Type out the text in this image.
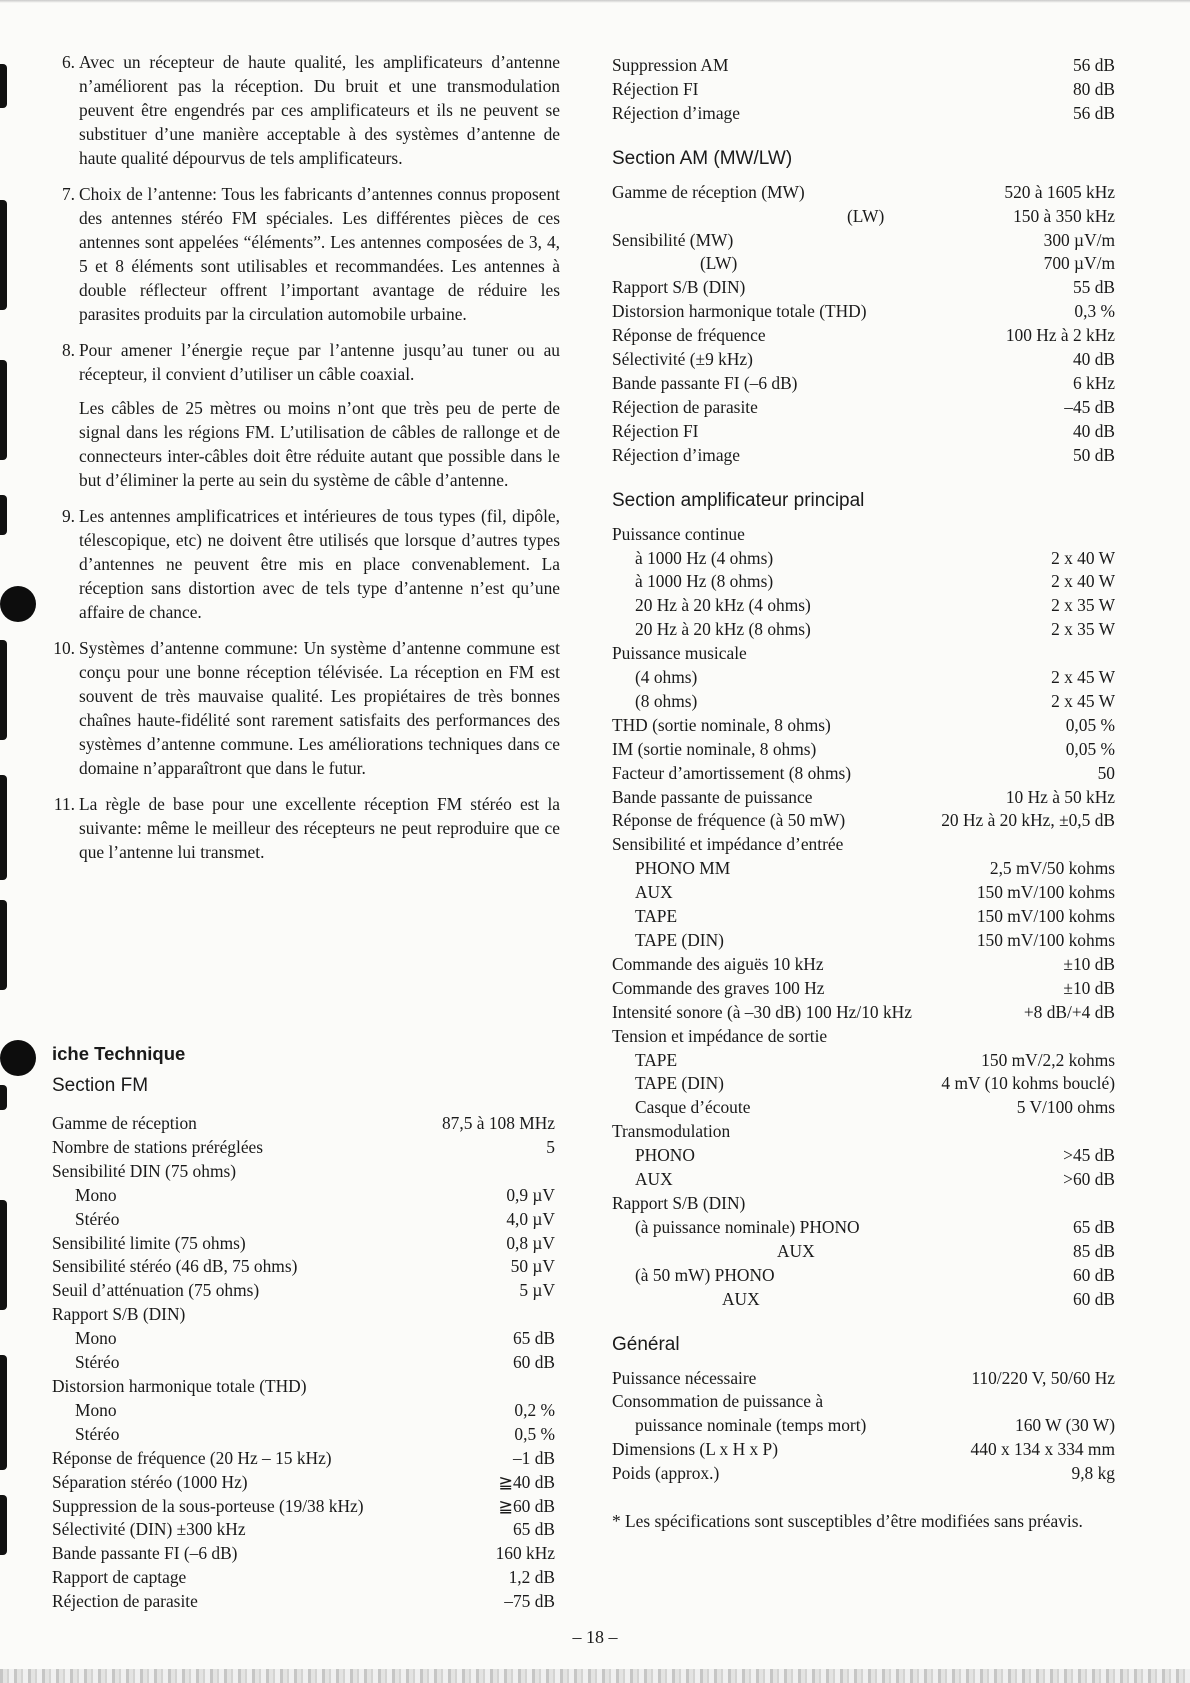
6. Avec un récepteur de haute qualité, les amplificateurs d’antenne n’améliorent pas la réception. Du bruit et une transmodulation peuvent être engendrés par ces amplificateurs et ils ne peuvent se substituer d’une manière acceptable à des systèmes d’antenne de haute qualité dépourvus de tels amplificateurs.

7. Choix de l’antenne: Tous les fabricants d’antennes connus proposent des antennes stéréo FM spéciales. Les différentes pièces de ces antennes sont appelées “éléments”. Les antennes composées de 3, 4, 5 et 8 éléments sont utilisables et recommandées. Les antennes à double réflecteur offrent l’important avantage de réduire les parasites produits par la circulation automobile urbaine.

8. Pour amener l’énergie reçue par l’antenne jusqu’au tuner ou au récepteur, il convient d’utiliser un câble coaxial.

Les câbles de 25 mètres ou moins n’ont que très peu de perte de signal dans les régions FM. L’utilisation de câbles de rallonge et de connecteurs inter-câbles doit être réduite autant que possible dans le but d’éliminer la perte au sein du système de câble d’antenne.

9. Les antennes amplificatrices et intérieures de tous types (fil, dipôle, télescopique, etc) ne doivent être utilisés que lorsque d’autres types d’antennes ne peuvent être mis en place convenablement. La réception sans distortion avec de tels type d’antenne n’est qu’une affaire de chance.

10. Systèmes d’antenne commune: Un système d’antenne commune est conçu pour une bonne réception télévisée. La réception en FM est souvent de très mauvaise qualité. Les propiétaires de très bonnes chaînes haute-fidélité sont rarement satisfaits des performances des systèmes d’antenne commune. Les améliorations techniques dans ce domaine n’apparaîtront que dans le futur.

11. La règle de base pour une excellente réception FM stéréo est la suivante: même le meilleur des récepteurs ne peut reproduire que ce que l’antenne lui transmet.

iche Technique
Section FM
Gamme de réception	87,5 à 108 MHz
Nombre de stations préréglées	5
Sensibilité DIN (75 ohms)	
Mono	0,9 µV
Stéréo	4,0 µV
Sensibilité limite (75 ohms)	0,8 µV
Sensibilité stéréo (46 dB, 75 ohms)	50 µV
Seuil d’atténuation (75 ohms)	5 µV
Rapport S/B (DIN)	
Mono	65 dB
Stéréo	60 dB
Distorsion harmonique totale (THD)	
Mono	0,2 %
Stéréo	0,5 %
Réponse de fréquence (20 Hz – 15 kHz)	–1 dB
Séparation stéréo (1000 Hz)	≧40 dB
Suppression de la sous-porteuse (19/38 kHz)	≧60 dB
Sélectivité (DIN) ±300 kHz	65 dB
Bande passante FI (–6 dB)	160 kHz
Rapport de captage	1,2 dB
Réjection de parasite	–75 dB
Suppression AM	56 dB
Réjection FI	80 dB
Réjection d’image	56 dB
Section AM (MW/LW)
Gamme de réception (MW)	520 à 1605 kHz
(LW)	150 à 350 kHz
Sensibilité (MW)	300 µV/m
(LW)	700 µV/m
Rapport S/B (DIN)	55 dB
Distorsion harmonique totale (THD)	0,3 %
Réponse de fréquence	100 Hz à 2 kHz
Sélectivité (±9 kHz)	40 dB
Bande passante FI (–6 dB)	6 kHz
Réjection de parasite	–45 dB
Réjection FI	40 dB
Réjection d’image	50 dB
Section amplificateur principal
Puissance continue	
à 1000 Hz (4 ohms)	2 x 40 W
à 1000 Hz (8 ohms)	2 x 40 W
20 Hz à 20 kHz (4 ohms)	2 x 35 W
20 Hz à 20 kHz (8 ohms)	2 x 35 W
Puissance musicale	
(4 ohms)	2 x 45 W
(8 ohms)	2 x 45 W
THD (sortie nominale, 8 ohms)	0,05 %
IM (sortie nominale, 8 ohms)	0,05 %
Facteur d’amortissement (8 ohms)	50
Bande passante de puissance	10 Hz à 50 kHz
Réponse de fréquence (à 50 mW)	20 Hz à 20 kHz, ±0,5 dB
Sensibilité et impédance d’entrée	
PHONO MM	2,5 mV/50 kohms
AUX	150 mV/100 kohms
TAPE	150 mV/100 kohms
TAPE (DIN)	150 mV/100 kohms
Commande des aiguës 10 kHz	±10 dB
Commande des graves 100 Hz	±10 dB
Intensité sonore (à –30 dB) 100 Hz/10 kHz	+8 dB/+4 dB
Tension et impédance de sortie	
TAPE	150 mV/2,2 kohms
TAPE (DIN)	4 mV (10 kohms bouclé)
Casque d’écoute	5 V/100 ohms
Transmodulation	
PHONO	>45 dB
AUX	>60 dB
Rapport S/B (DIN)	
(à puissance nominale) PHONO	65 dB
AUX	85 dB
(à 50 mW) PHONO	60 dB
AUX	60 dB
Général
Puissance nécessaire	110/220 V, 50/60 Hz
Consommation de puissance à	
puissance nominale (temps mort)	160 W (30 W)
Dimensions (L x H x P)	440 x 134 x 334 mm
Poids (approx.)	9,8 kg
* Les spécifications sont susceptibles d’être modifiées sans préavis.
– 18 –
